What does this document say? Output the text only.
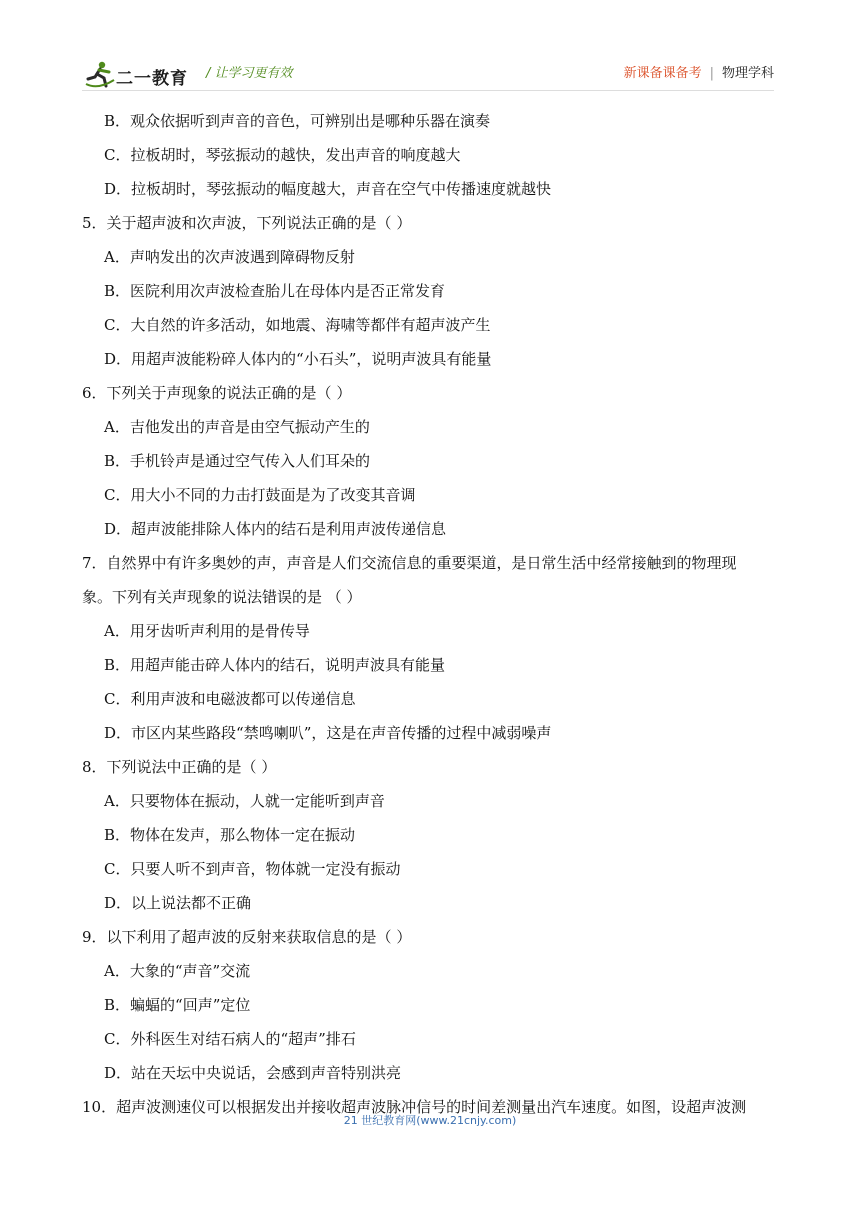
二一教育 / 让学习更有效	新课备课备考 | 物理学科
B．观众依据听到声音的音色，可辨别出是哪种乐器在演奏
C．拉板胡时，琴弦振动的越快，发出声音的响度越大
D．拉板胡时，琴弦振动的幅度越大，声音在空气中传播速度就越快
5．关于超声波和次声波，下列说法正确的是（ ）
A．声呐发出的次声波遇到障碍物反射
B．医院利用次声波检查胎儿在母体内是否正常发育
C．大自然的许多活动，如地震、海啸等都伴有超声波产生
D．用超声波能粉碎人体内的“小石头”，说明声波具有能量
6．下列关于声现象的说法正确的是（ ）
A．吉他发出的声音是由空气振动产生的
B．手机铃声是通过空气传入人们耳朵的
C．用大小不同的力击打鼓面是为了改变其音调
D．超声波能排除人体内的结石是利用声波传递信息
7．自然界中有许多奥妙的声，声音是人们交流信息的重要渠道，是日常生活中经常接触到的物理现
象。下列有关声现象的说法错误的是 （ ）
A．用牙齿听声利用的是骨传导
B．用超声能击碎人体内的结石，说明声波具有能量
C．利用声波和电磁波都可以传递信息
D．市区内某些路段“禁鸣喇叭”，这是在声音传播的过程中减弱噪声
8．下列说法中正确的是（ ）
A．只要物体在振动，人就一定能听到声音
B．物体在发声，那么物体一定在振动
C．只要人听不到声音，物体就一定没有振动
D．以上说法都不正确
9．以下利用了超声波的反射来获取信息的是（ ）
A．大象的“声音”交流
B．蝙蝠的“回声”定位
C．外科医生对结石病人的“超声”排石
D．站在天坛中央说话，会感到声音特别洪亮
10．超声波测速仪可以根据发出并接收超声波脉冲信号的时间差测量出汽车速度。如图，设超声波测
21 世纪教育网(www.21cnjy.com)
